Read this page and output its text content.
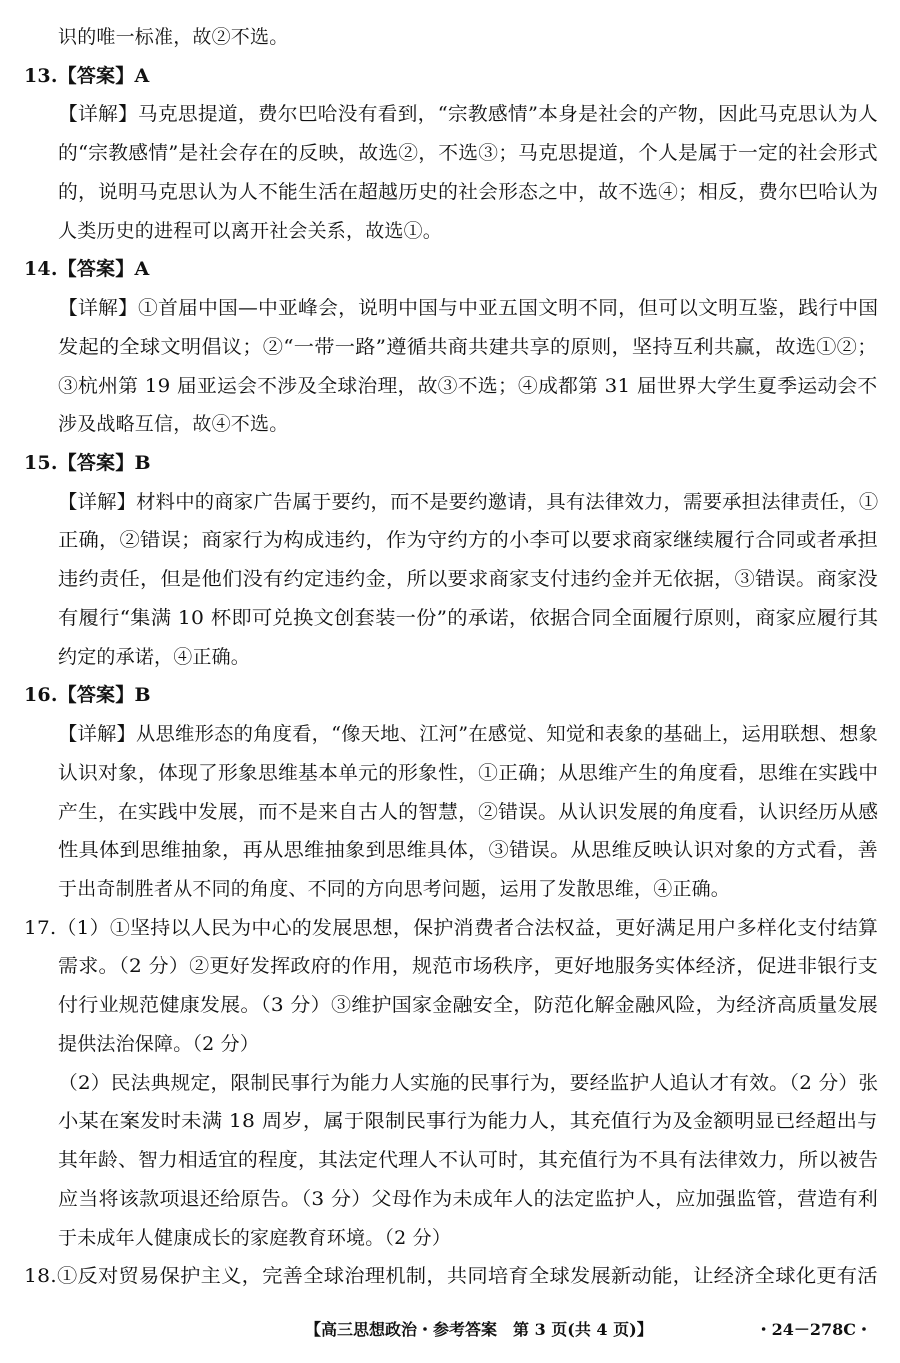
识的唯一标准，故②不选。
13.【答案】A
【详解】马克思提道，费尔巴哈没有看到，“宗教感情”本身是社会的产物，因此马克思认为人
的“宗教感情”是社会存在的反映，故选②，不选③；马克思提道，个人是属于一定的社会形式
的，说明马克思认为人不能生活在超越历史的社会形态之中，故不选④；相反，费尔巴哈认为
人类历史的进程可以离开社会关系，故选①。
14.【答案】A
【详解】①首届中国—中亚峰会，说明中国与中亚五国文明不同，但可以文明互鉴，践行中国
发起的全球文明倡议；②“一带一路”遵循共商共建共享的原则，坚持互利共赢，故选①②；
③杭州第 19 届亚运会不涉及全球治理，故③不选；④成都第 31 届世界大学生夏季运动会不
涉及战略互信，故④不选。
15.【答案】B
【详解】材料中的商家广告属于要约，而不是要约邀请，具有法律效力，需要承担法律责任，①
正确，②错误；商家行为构成违约，作为守约方的小李可以要求商家继续履行合同或者承担
违约责任，但是他们没有约定违约金，所以要求商家支付违约金并无依据，③错误。商家没
有履行“集满 10 杯即可兑换文创套装一份”的承诺，依据合同全面履行原则，商家应履行其
约定的承诺，④正确。
16.【答案】B
【详解】从思维形态的角度看，“像天地、江河”在感觉、知觉和表象的基础上，运用联想、想象
认识对象，体现了形象思维基本单元的形象性，①正确；从思维产生的角度看，思维在实践中
产生，在实践中发展，而不是来自古人的智慧，②错误。从认识发展的角度看，认识经历从感
性具体到思维抽象，再从思维抽象到思维具体，③错误。从思维反映认识对象的方式看，善
于出奇制胜者从不同的角度、不同的方向思考问题，运用了发散思维，④正确。
17.（1）①坚持以人民为中心的发展思想，保护消费者合法权益，更好满足用户多样化支付结算
需求。（2 分）②更好发挥政府的作用，规范市场秩序，更好地服务实体经济，促进非银行支
付行业规范健康发展。（3 分）③维护国家金融安全，防范化解金融风险，为经济高质量发展
提供法治保障。（2 分）
（2）民法典规定，限制民事行为能力人实施的民事行为，要经监护人追认才有效。（2 分）张
小某在案发时未满 18 周岁，属于限制民事行为能力人，其充值行为及金额明显已经超出与
其年龄、智力相适宜的程度，其法定代理人不认可时，其充值行为不具有法律效力，所以被告
应当将该款项退还给原告。（3 分）父母作为未成年人的法定监护人，应加强监管，营造有利
于未成年人健康成长的家庭教育环境。（2 分）
18.①反对贸易保护主义，完善全球治理机制，共同培育全球发展新动能，让经济全球化更有活
【高三思想政治・参考答案　第 3 页(共 4 页)】	・24－278C・
